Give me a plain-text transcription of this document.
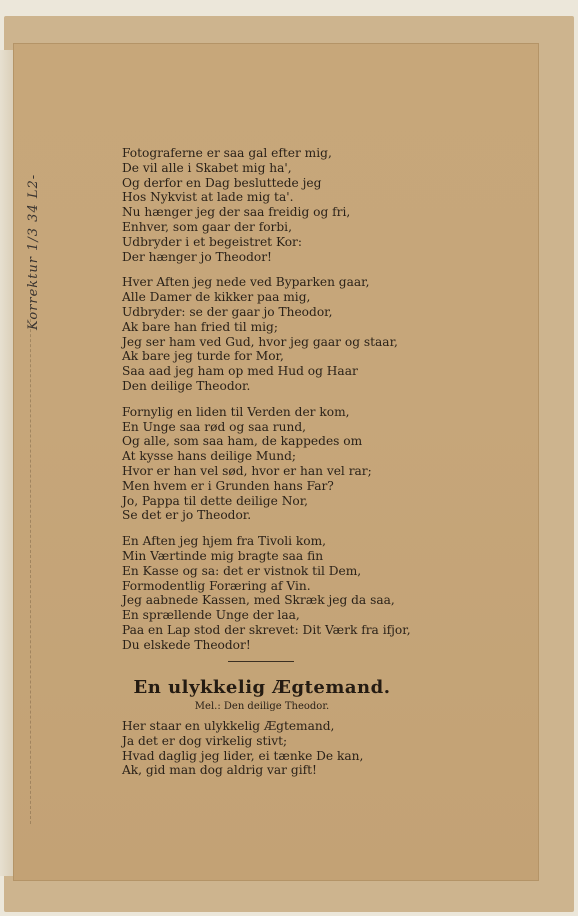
Korrektur 1/3 34 L2-
Fotograferne er saa gal efter mig,
De vil alle i Skabet mig ha',
Og derfor en Dag besluttede jeg
Hos Nykvist at lade mig ta'.
Nu hænger jeg der saa freidig og fri,
Enhver, som gaar der forbi,
Udbryder i et begeistret Kor:
Der hænger jo Theodor!
Hver Aften jeg nede ved Byparken gaar,
Alle Damer de kikker paa mig,
Udbryder: se der gaar jo Theodor,
Ak bare han fried til mig;
Jeg ser ham ved Gud, hvor jeg gaar og staar,
Ak bare jeg turde for Mor,
Saa aad jeg ham op med Hud og Haar
Den deilige Theodor.
Fornylig en liden til Verden der kom,
En Unge saa rød og saa rund,
Og alle, som saa ham, de kappedes om
At kysse hans deilige Mund;
Hvor er han vel sød, hvor er han vel rar;
Men hvem er i Grunden hans Far?
Jo, Pappa til dette deilige Nor,
Se det er jo Theodor.
En Aften jeg hjem fra Tivoli kom,
Min Værtinde mig bragte saa fin
En Kasse og sa: det er vistnok til Dem,
Formodentlig Foræring af Vin.
Jeg aabnede Kassen, med Skræk jeg da saa,
En sprællende Unge der laa,
Paa en Lap stod der skrevet: Dit Værk fra ifjor,
Du elskede Theodor!
En ulykkelig Ægtemand.
Mel.: Den deilige Theodor.
Her staar en ulykkelig Ægtemand,
Ja det er dog virkelig stivt;
Hvad daglig jeg lider, ei tænke De kan,
Ak, gid man dog aldrig var gift!
